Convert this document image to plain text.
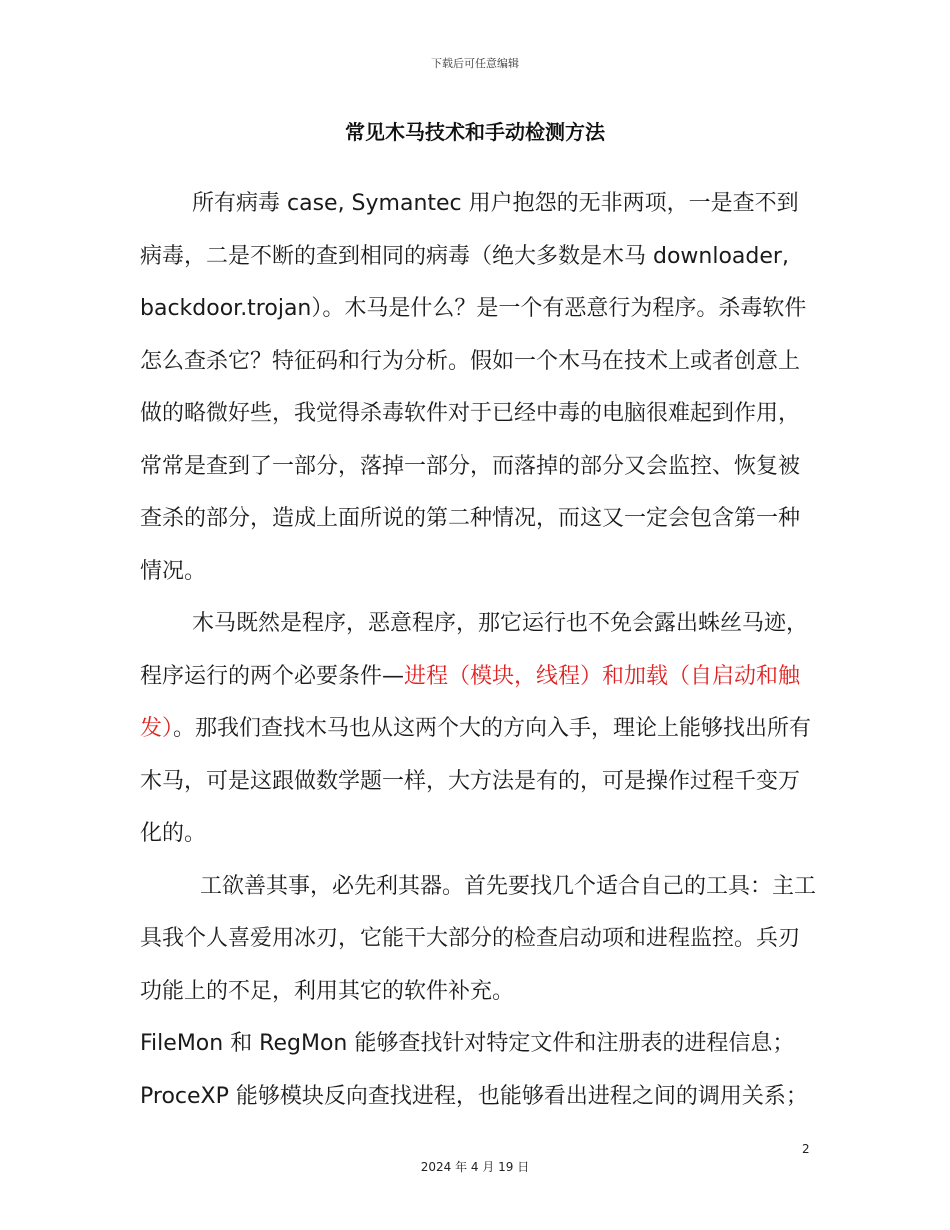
下载后可任意编辑
常见木马技术和手动检测方法

所有病毒 case, Symantec 用户抱怨的无非两项，一是查不到病毒，二是不断的查到相同的病毒（绝大多数是木马 downloader, backdoor.trojan）。木马是什么？是一个有恶意行为程序。杀毒软件怎么查杀它？特征码和行为分析。假如一个木马在技术上或者创意上做的略微好些，我觉得杀毒软件对于已经中毒的电脑很难起到作用，常常是查到了一部分，落掉一部分，而落掉的部分又会监控、恢复被查杀的部分，造成上面所说的第二种情况，而这又一定会包含第一种情况。

木马既然是程序，恶意程序，那它运行也不免会露出蛛丝马迹，程序运行的两个必要条件—进程（模块，线程）和加载（自启动和触发）。那我们查找木马也从这两个大的方向入手，理论上能够找出所有木马，可是这跟做数学题一样，大方法是有的，可是操作过程千变万化的。

工欲善其事，必先利其器。首先要找几个适合自己的工具：主工具我个人喜爱用冰刃，它能干大部分的检查启动项和进程监控。兵刃功能上的不足，利用其它的软件补充。

FileMon 和 RegMon 能够查找针对特定文件和注册表的进程信息；

ProceXP 能够模块反向查找进程，也能够看出进程之间的调用关系；

2
2024 年 4 月 19 日
